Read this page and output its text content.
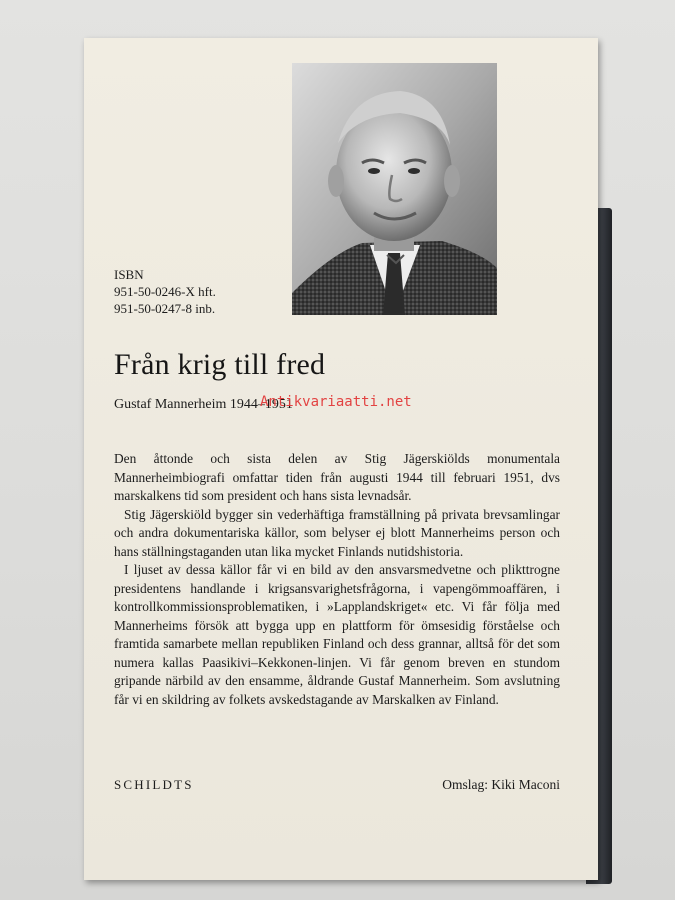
ISBN
951-50-0246-X hft.
951-50-0247-8 inb.
Från krig till fred
Gustaf Mannerheim 1944–1951
Antikvariaatti.net

Den åttonde och sista delen av Stig Jägerskiölds monumentala Mannerheimbiografi omfattar tiden från augusti 1944 till februari 1951, dvs marskalkens tid som president och hans sista levnadsår.

Stig Jägerskiöld bygger sin vederhäftiga framställning på privata brevsamlingar och andra dokumentariska källor, som belyser ej blott Mannerheims person och hans ställningstaganden utan lika mycket Finlands nutidshistoria.

I ljuset av dessa källor får vi en bild av den ansvarsmedvetne och plikttrogne presidentens handlande i krigsansvarighetsfrågorna, i vapengömmoaffären, i kontrollkommissionsproblematiken, i »Lapplandskriget« etc. Vi får följa med Mannerheims försök att bygga upp en plattform för ömsesidig förståelse och framtida samarbete mellan republiken Finland och dess grannar, alltså för det som numera kallas Paasikivi–Kekkonen-linjen. Vi får genom breven en stundom gripande närbild av den ensamme, åldrande Gustaf Mannerheim. Som avslutning får vi en skildring av folkets avskedstagande av Marskalken av Finland.

SCHILDTS	Omslag: Kiki Maconi
